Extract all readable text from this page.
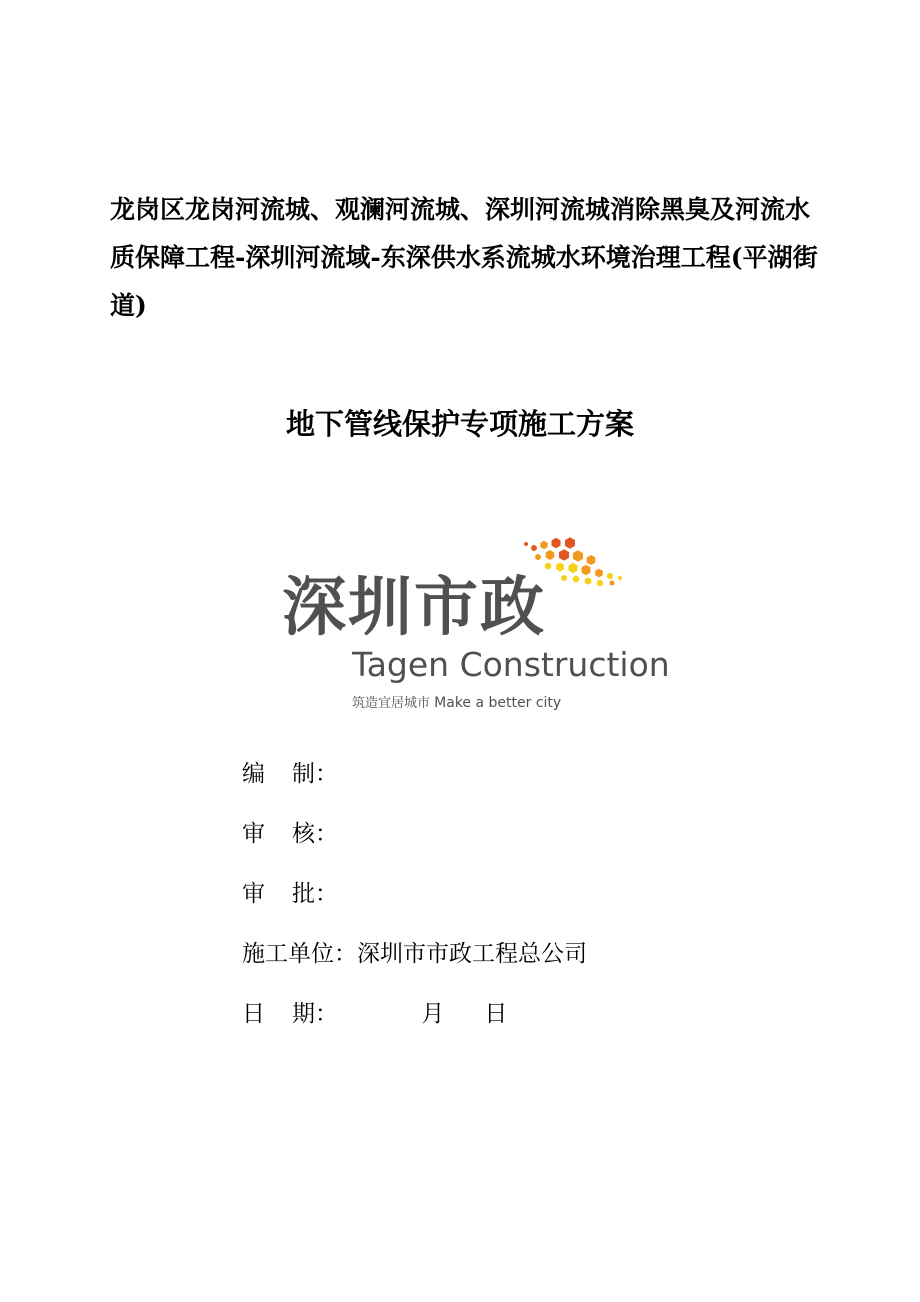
龙岗区龙岗河流城、观澜河流城、深圳河流城消除黑臭及河流水质保障工程-深圳河流域-东深供水系流城水环境治理工程(平湖街道)
地下管线保护专项施工方案
深圳市政
Tagen Construction
筑造宜居城市 Make a better city
编 制：

审 核：

审 批：

施工单位：深圳市市政工程总公司
日 期：	月 日
